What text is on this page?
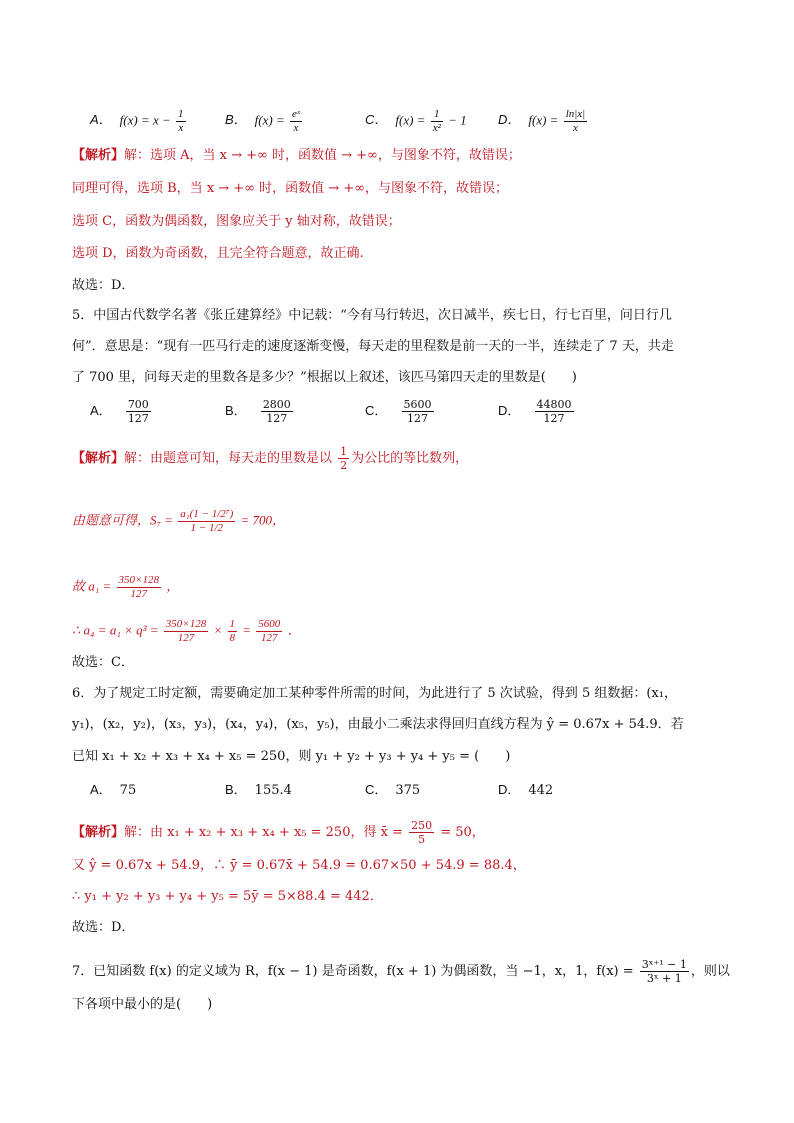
A． $f(x) = x - \frac{1}{x}$	B． $f(x) = \frac{\text{eˣ}}{x}$	C． $f(x) = \frac{1}{\text{x²}} - 1$ D． $f(x) = \frac{\ln|x|}{x}$
【解析】解：选项 A，当 x → +∞ 时，函数值 → +∞，与图象不符，故错误；
同理可得，选项 B，当 x → +∞ 时，函数值 → +∞，与图象不符，故错误；
选项 C，函数为偶函数，图象应关于 y 轴对称，故错误；
选项 D，函数为奇函数，且完全符合题意，故正确.
故选：D．
5．中国古代数学名著《张丘建算经》中记载：“今有马行转迟，次日减半，疾七日，行七百里，问日行几
何”．意思是：“现有一匹马行走的速度逐渐变慢，每天走的里程数是前一天的一半，连续走了 7 天，共走
了 700 里，问每天走的里数各是多少？”根据以上叙述，该匹马第四天走的里数是(　　)
A． $\frac{700}{127}$	B． $\frac{2800}{127}$	C． $\frac{5600}{127}$	D． $\frac{44800}{127}$
【解析】解：由题意可知，每天走的里数是以 $\frac{1}{2}$ 为公比的等比数列，
由题意可得，$S_7 = \frac{\text{a₁(1 − 1/2⁷)}}{1 - 1/2} = 700$，
故 $a_1 = \frac{350\times 128}{127}$ ，
∴ $a_4 = a_1 \times q^3 = \frac{350\times 128}{127} \times \frac{1}{8} = \frac{5600}{127}$ ．
故选：C．
6．为了规定工时定额，需要确定加工某种零件所需的时间，为此进行了 5 次试验，得到 5 组数据：(x₁，
y₁)，(x₂，y₂)，(x₃，y₃)，(x₄，y₄)，(x₅，y₅)，由最小二乘法求得回归直线方程为 ŷ = 0.67x + 54.9．若
已知 x₁ + x₂ + x₃ + x₄ + x₅ = 250，则 y₁ + y₂ + y₃ + y₄ + y₅ = (　　)
A． 75	B． 155.4	C． 375	D． 442
【解析】解：由 x₁ + x₂ + x₃ + x₄ + x₅ = 250，得 x̄ = $\frac{250}{5} = 50$，
又 ŷ = 0.67x + 54.9，∴ ȳ = 0.67x̄ + 54.9 = 0.67×50 + 54.9 = 88.4，
∴ y₁ + y₂ + y₃ + y₄ + y₅ = 5ȳ = 5×88.4 = 442．
故选：D．
7．已知函数 f(x) 的定义域为 R，f(x − 1) 是奇函数，f(x + 1) 为偶函数，当 −1，x，1，$f(x) = \frac{\text{3ˣ⁺¹ − 1}}{\text{3ˣ + 1}}$ ，则以
下各项中最小的是(　　)
